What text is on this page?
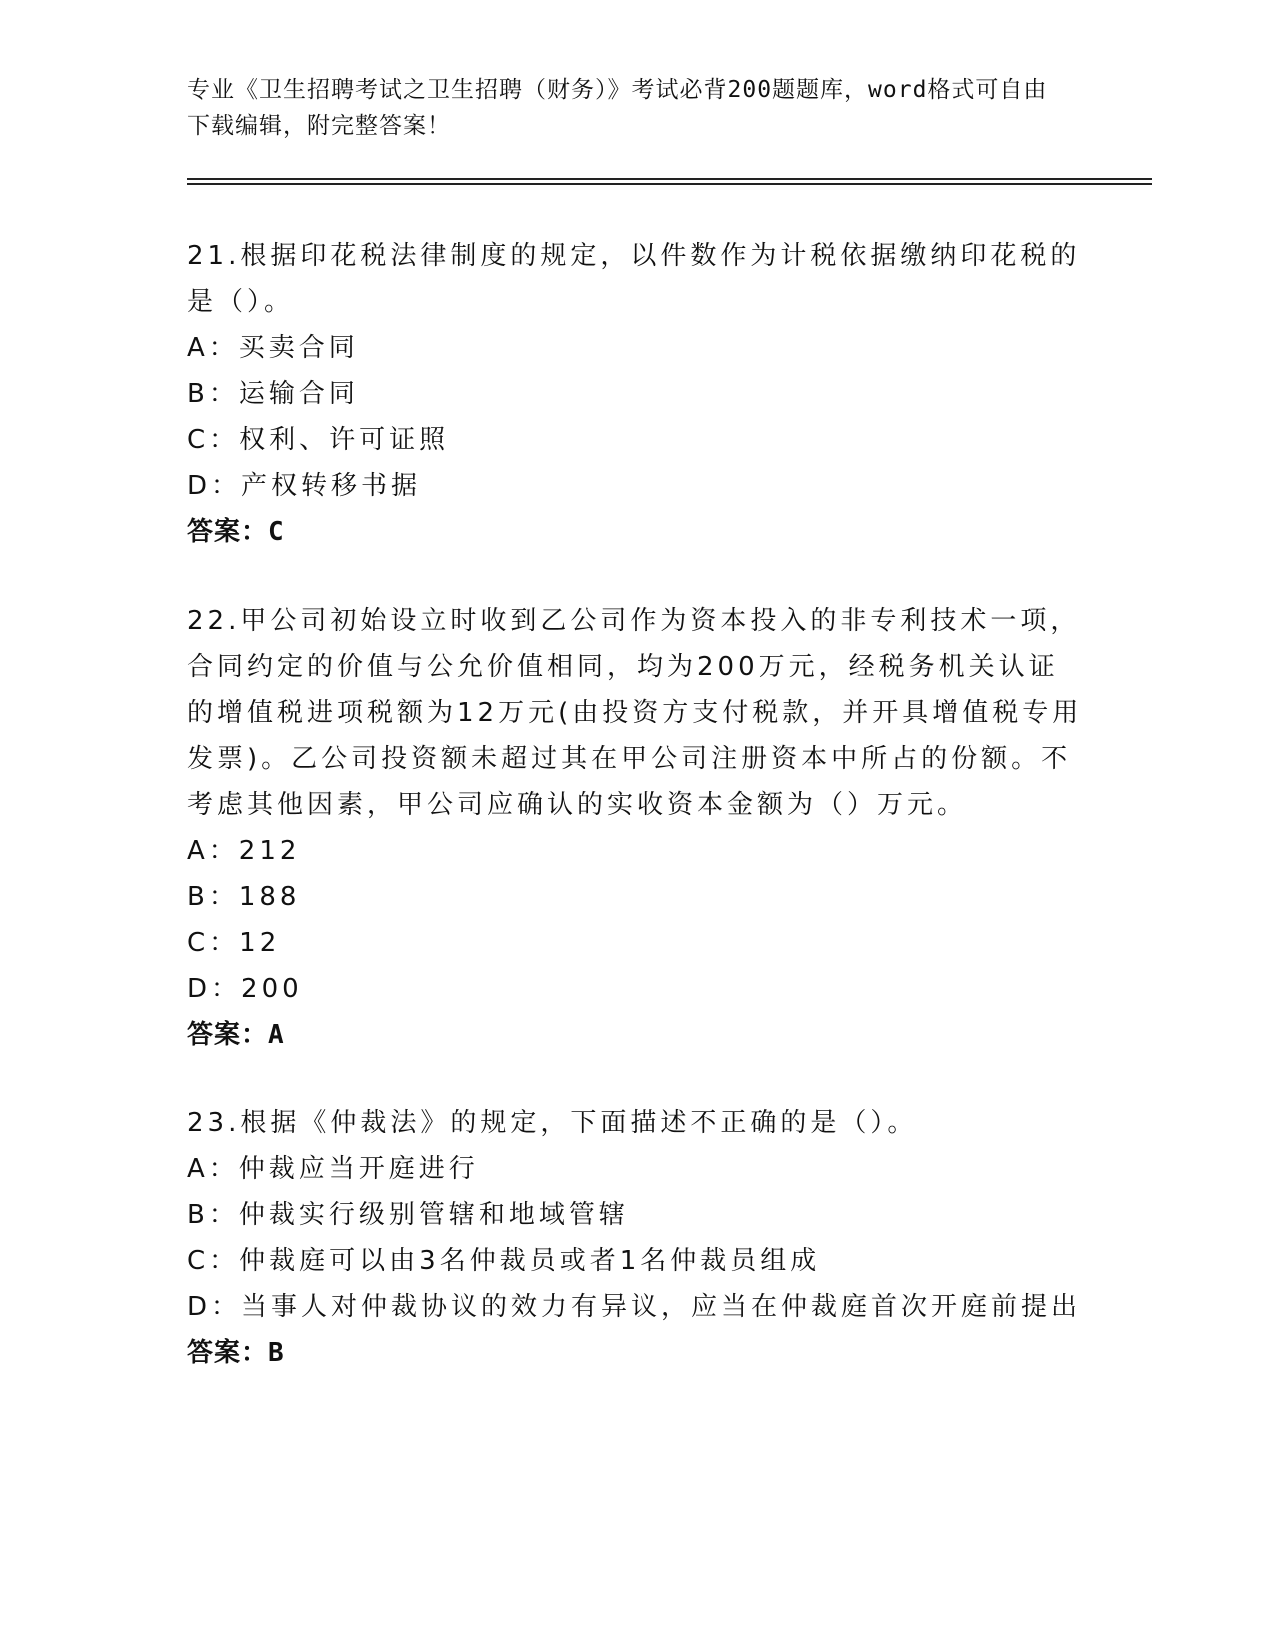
专业《卫生招聘考试之卫生招聘（财务）》考试必背200题题库，word格式可自由下载编辑，附完整答案！

21.根据印花税法律制度的规定，以件数作为计税依据缴纳印花税的是（）。

A：买卖合同

B：运输合同

C：权利、许可证照

D：产权转移书据

答案：C

22.甲公司初始设立时收到乙公司作为资本投入的非专利技术一项，合同约定的价值与公允价值相同，均为200万元，经税务机关认证的增值税进项税额为12万元(由投资方支付税款，并开具增值税专用发票)。乙公司投资额未超过其在甲公司注册资本中所占的份额。不考虑其他因素，甲公司应确认的实收资本金额为（）万元。

A：212

B：188

C：12

D：200

答案：A

23.根据《仲裁法》的规定，下面描述不正确的是（）。

A：仲裁应当开庭进行

B：仲裁实行级别管辖和地域管辖

C：仲裁庭可以由3名仲裁员或者1名仲裁员组成

D：当事人对仲裁协议的效力有异议，应当在仲裁庭首次开庭前提出

答案：B
